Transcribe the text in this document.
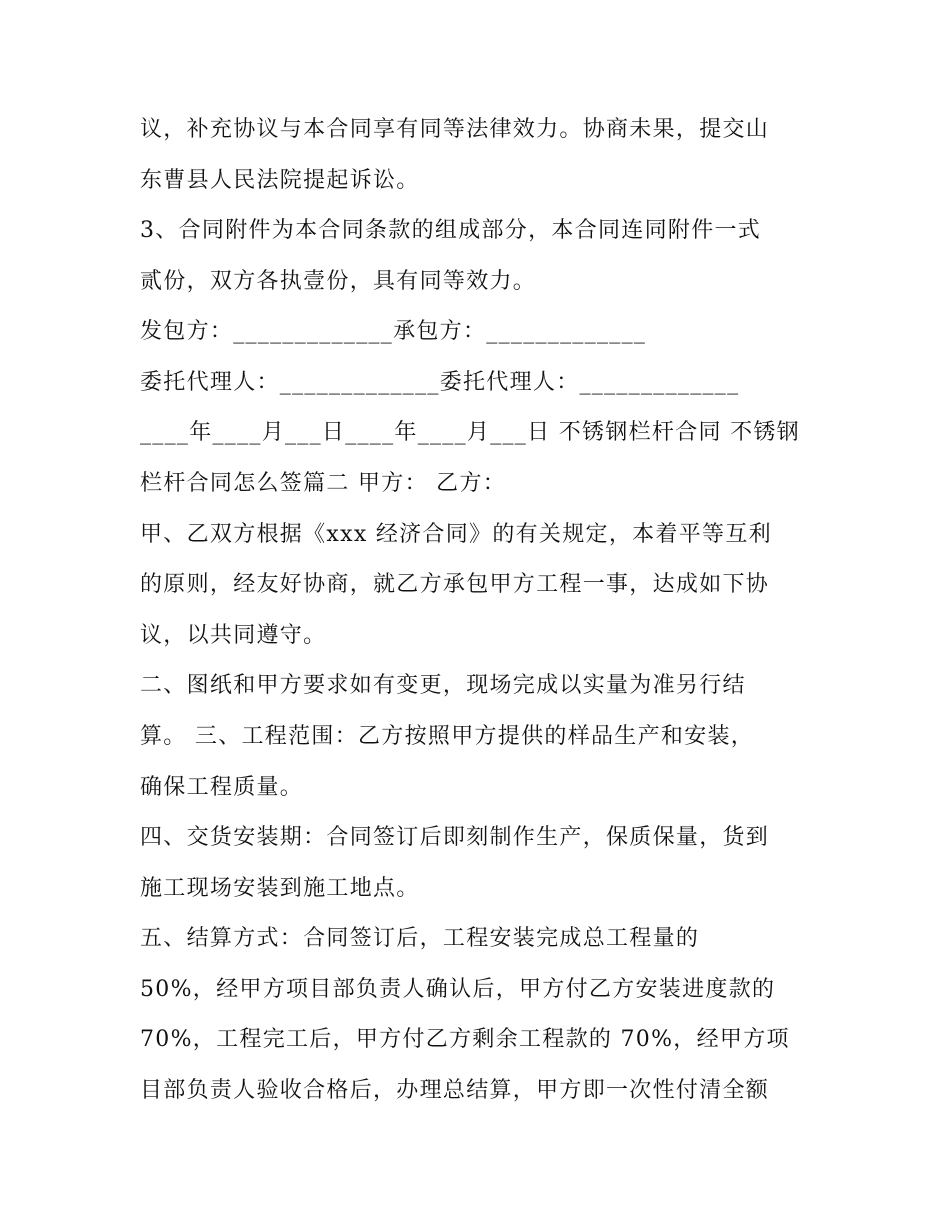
议，补充协议与本合同享有同等法律效力。协商未果，提交山
东曹县人民法院提起诉讼。
3、合同附件为本合同条款的组成部分，本合同连同附件一式
贰份，双方各执壹份，具有同等效力。
发包方：_____________承包方：_____________
委托代理人：_____________委托代理人：_____________
____年____月___日____年____月___日 不锈钢栏杆合同 不锈钢
栏杆合同怎么签篇二 甲方： 乙方：
甲、乙双方根据《xxx 经济合同》的有关规定，本着平等互利
的原则，经友好协商，就乙方承包甲方工程一事，达成如下协
议，以共同遵守。
二、图纸和甲方要求如有变更，现场完成以实量为准另行结
算。 三、工程范围：乙方按照甲方提供的样品生产和安装，
确保工程质量。
四、交货安装期：合同签订后即刻制作生产，保质保量，货到
施工现场安装到施工地点。
五、结算方式：合同签订后，工程安装完成总工程量的
50%，经甲方项目部负责人确认后，甲方付乙方安装进度款的
70%，工程完工后，甲方付乙方剩余工程款的 70%，经甲方项
目部负责人验收合格后，办理总结算，甲方即一次性付清全额
